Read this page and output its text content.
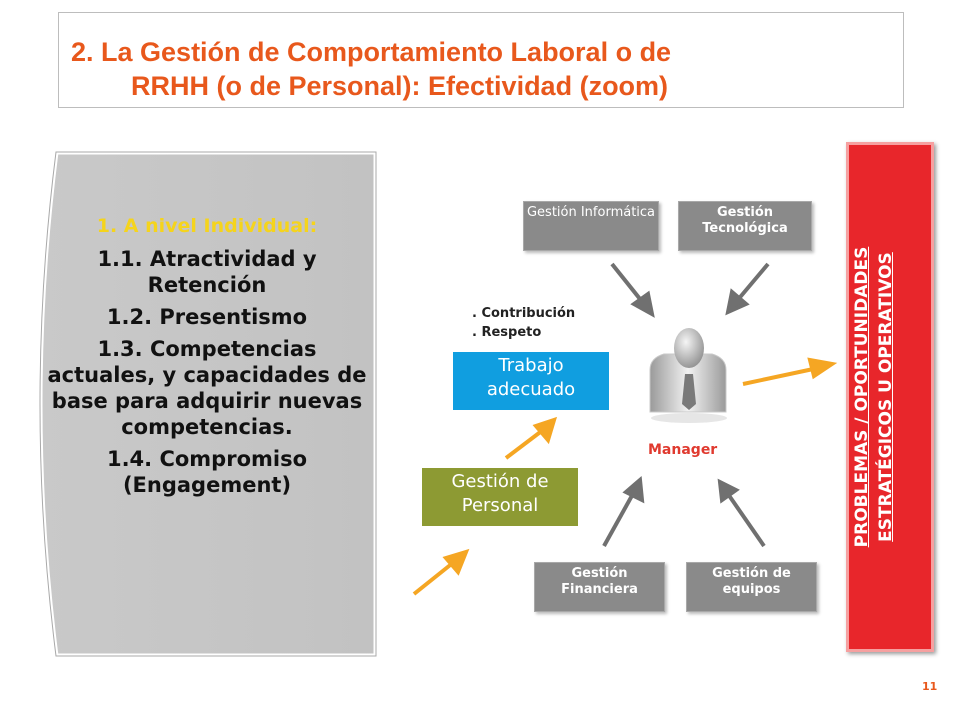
2. La Gestión de Comportamiento Laboral o de
RRHH (o de Personal): Efectividad (zoom)
1. A nivel Individual:
1.1. Atractividad y Retención
1.2. Presentismo
1.3. Competencias actuales, y capacidades de base para adquirir nuevas competencias.
1.4. Compromiso (Engagement)
Gestión Informática	Gestión Tecnológica
Gestión Financiera
Gestión de equipos
. Contribución
. Respeto
Trabajo adecuado
Gestión de Personal
Manager	PROBLEMAS / OPORTUNIDADES ESTRATÉGICOS U OPERATIVOS
11
